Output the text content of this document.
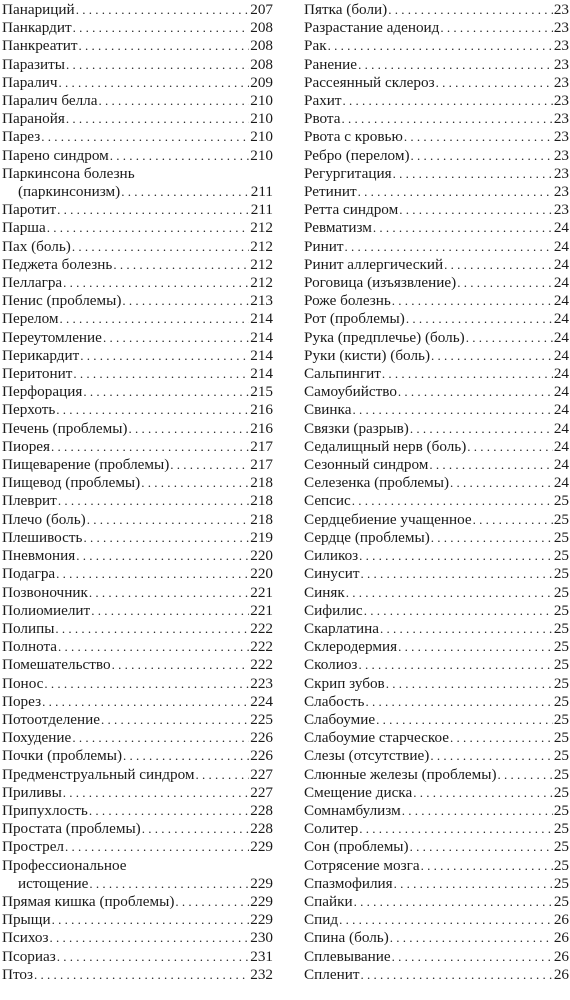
Панариций . . .	207
Панкардит . . .	208
Панкреатит . . .	208
Паразиты . . .	208
Паралич . . .	209
Паралич белла . . .	210
Паранойя . . .	210
Парез . . .	210
Парено синдром . . .	210
Паркинсона болезнь
(паркинсонизм) . . .	211
Паротит . . .	211
Парша . . .	212
Пах (боль) . . .	212
Педжета болезнь . . .	212
Пеллагра . . .	212
Пенис (проблемы) . . .	213
Перелом . . .	214
Переутомление . . .	214
Перикардит . . .	214
Перитонит . . .	214
Перфорация . . .	215
Перхоть . . .	216
Печень (проблемы) . . .	216
Пиорея . . .	217
Пищеварение (проблемы) . . .	217
Пищевод (проблемы) . . .	218
Плеврит . . .	218
Плечо (боль) . . .	218
Плешивость . . .	219
Пневмония . . .	220
Подагра . . .	220
Позвоночник . . .	221
Полиомиелит . . .	221
Полипы . . .	222
Полнота . . .	222
Помешательство . . .	222
Понос . . .	223
Порез . . .	224
Потоотделение . . .	225
Похудение . . .	226
Почки (проблемы) . . .	226
Предменструальный синдром . . .	227
Приливы . . .	227
Припухлость . . .	228
Простата (проблемы) . . .	228
Прострел . . .	229
Профессиональное
истощение . . .	229
Прямая кишка (проблемы) . . .	229
Прыщи . . .	229
Психоз . . .	230
Псориаз . . .	231
Птоз . . .	232
Пятка (боли) . . .	23
Разрастание аденоид . . .	23
Рак . . .	23
Ранение . . .	23
Рассеянный склероз . . .	23
Рахит . . .	23
Рвота . . .	23
Рвота с кровью . . .	23
Ребро (перелом) . . .	23
Регургитация . . .	23
Ретинит . . .	23
Ретта синдром . . .	23
Ревматизм . . .	24
Ринит . . .	24
Ринит аллергический . . .	24
Роговица (изъязвление) . . .	24
Роже болезнь . . .	24
Рот (проблемы) . . .	24
Рука (предплечье) (боль) . . .	24
Руки (кисти) (боль) . . .	24
Сальпингит . . .	24
Самоубийство . . .	24
Свинка . . .	24
Связки (разрыв) . . .	24
Седалищный нерв (боль) . . .	24
Сезонный синдром . . .	24
Селезенка (проблемы) . . .	24
Сепсис . . .	25
Сердцебиение учащенное . . .	25
Сердце (проблемы) . . .	25
Силикоз . . .	25
Синусит . . .	25
Синяк . . .	25
Сифилис . . .	25
Скарлатина . . .	25
Склеродермия . . .	25
Сколиоз . . .	25
Скрип зубов . . .	25
Слабость . . .	25
Слабоумие . . .	25
Слабоумие старческое . . .	25
Слезы (отсутствие) . . .	25
Слюнные железы (проблемы) . . .	25
Смещение диска . . .	25
Сомнамбулизм . . .	25
Солитер . . .	25
Сон (проблемы) . . .	25
Сотрясение мозга . . .	25
Спазмофилия . . .	25
Спайки . . .	25
Спид . . .	26
Спина (боль) . . .	26
Сплевывание . . .	26
Спленит . . .	26
